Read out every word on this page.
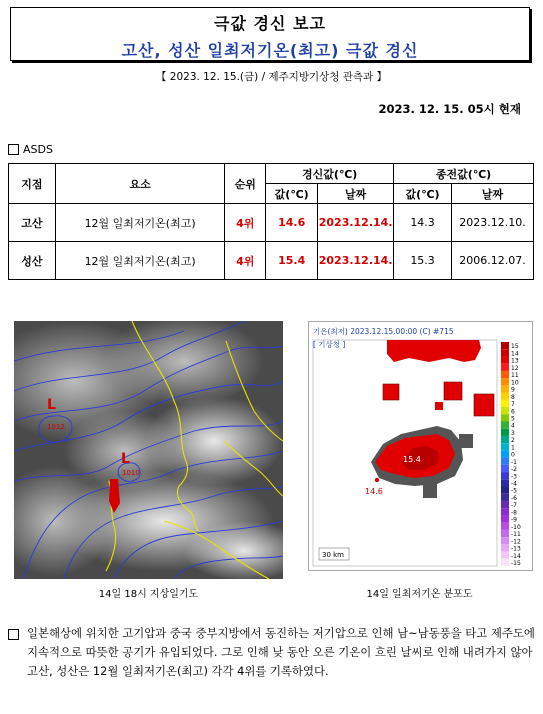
극값 경신 보고
고산, 성산 일최저기온(최고) 극값 경신
【 2023. 12. 15.(금) / 제주지방기상청 관측과 】
2023. 12. 15. 05시 현재
ASDS
지점	요소	순위	경신값(℃)		종전값(℃)	
			값(℃)	날짜	값(℃)	날짜
고산	12월 일최저기온(최고)	4위	14.6	2023.12.14.	14.3	2023.12.10.
성산	12월 일최저기온(최고)	4위	15.4	2023.12.14.	15.3	2006.12.07.
L
1012
L
1010
14일 18시 지상일기도
기온(최저) 2023.12.15.00:00 (C) #715
[ 기상청 ]
14.6
15.4
30 km
15
14
13
12
11
10
9
8
7
6
5
4
3
2
1
0
-1
-2
-3
-4
-5
-6
-7
-8
-9
-10
-11
-12
-13
-14
-15
14일 일최저기온 분포도
일본해상에 위치한 고기압과 중국 중부지방에서 동진하는 저기압으로 인해 남~남동풍을 타고 제주도에 지속적으로 따뜻한 공기가 유입되었다. 그로 인해 낮 동안 오른 기온이 흐린 날씨로 인해 내려가지 않아 고산, 성산은 12월 일최저기온(최고) 각각 4위를 기록하였다.
